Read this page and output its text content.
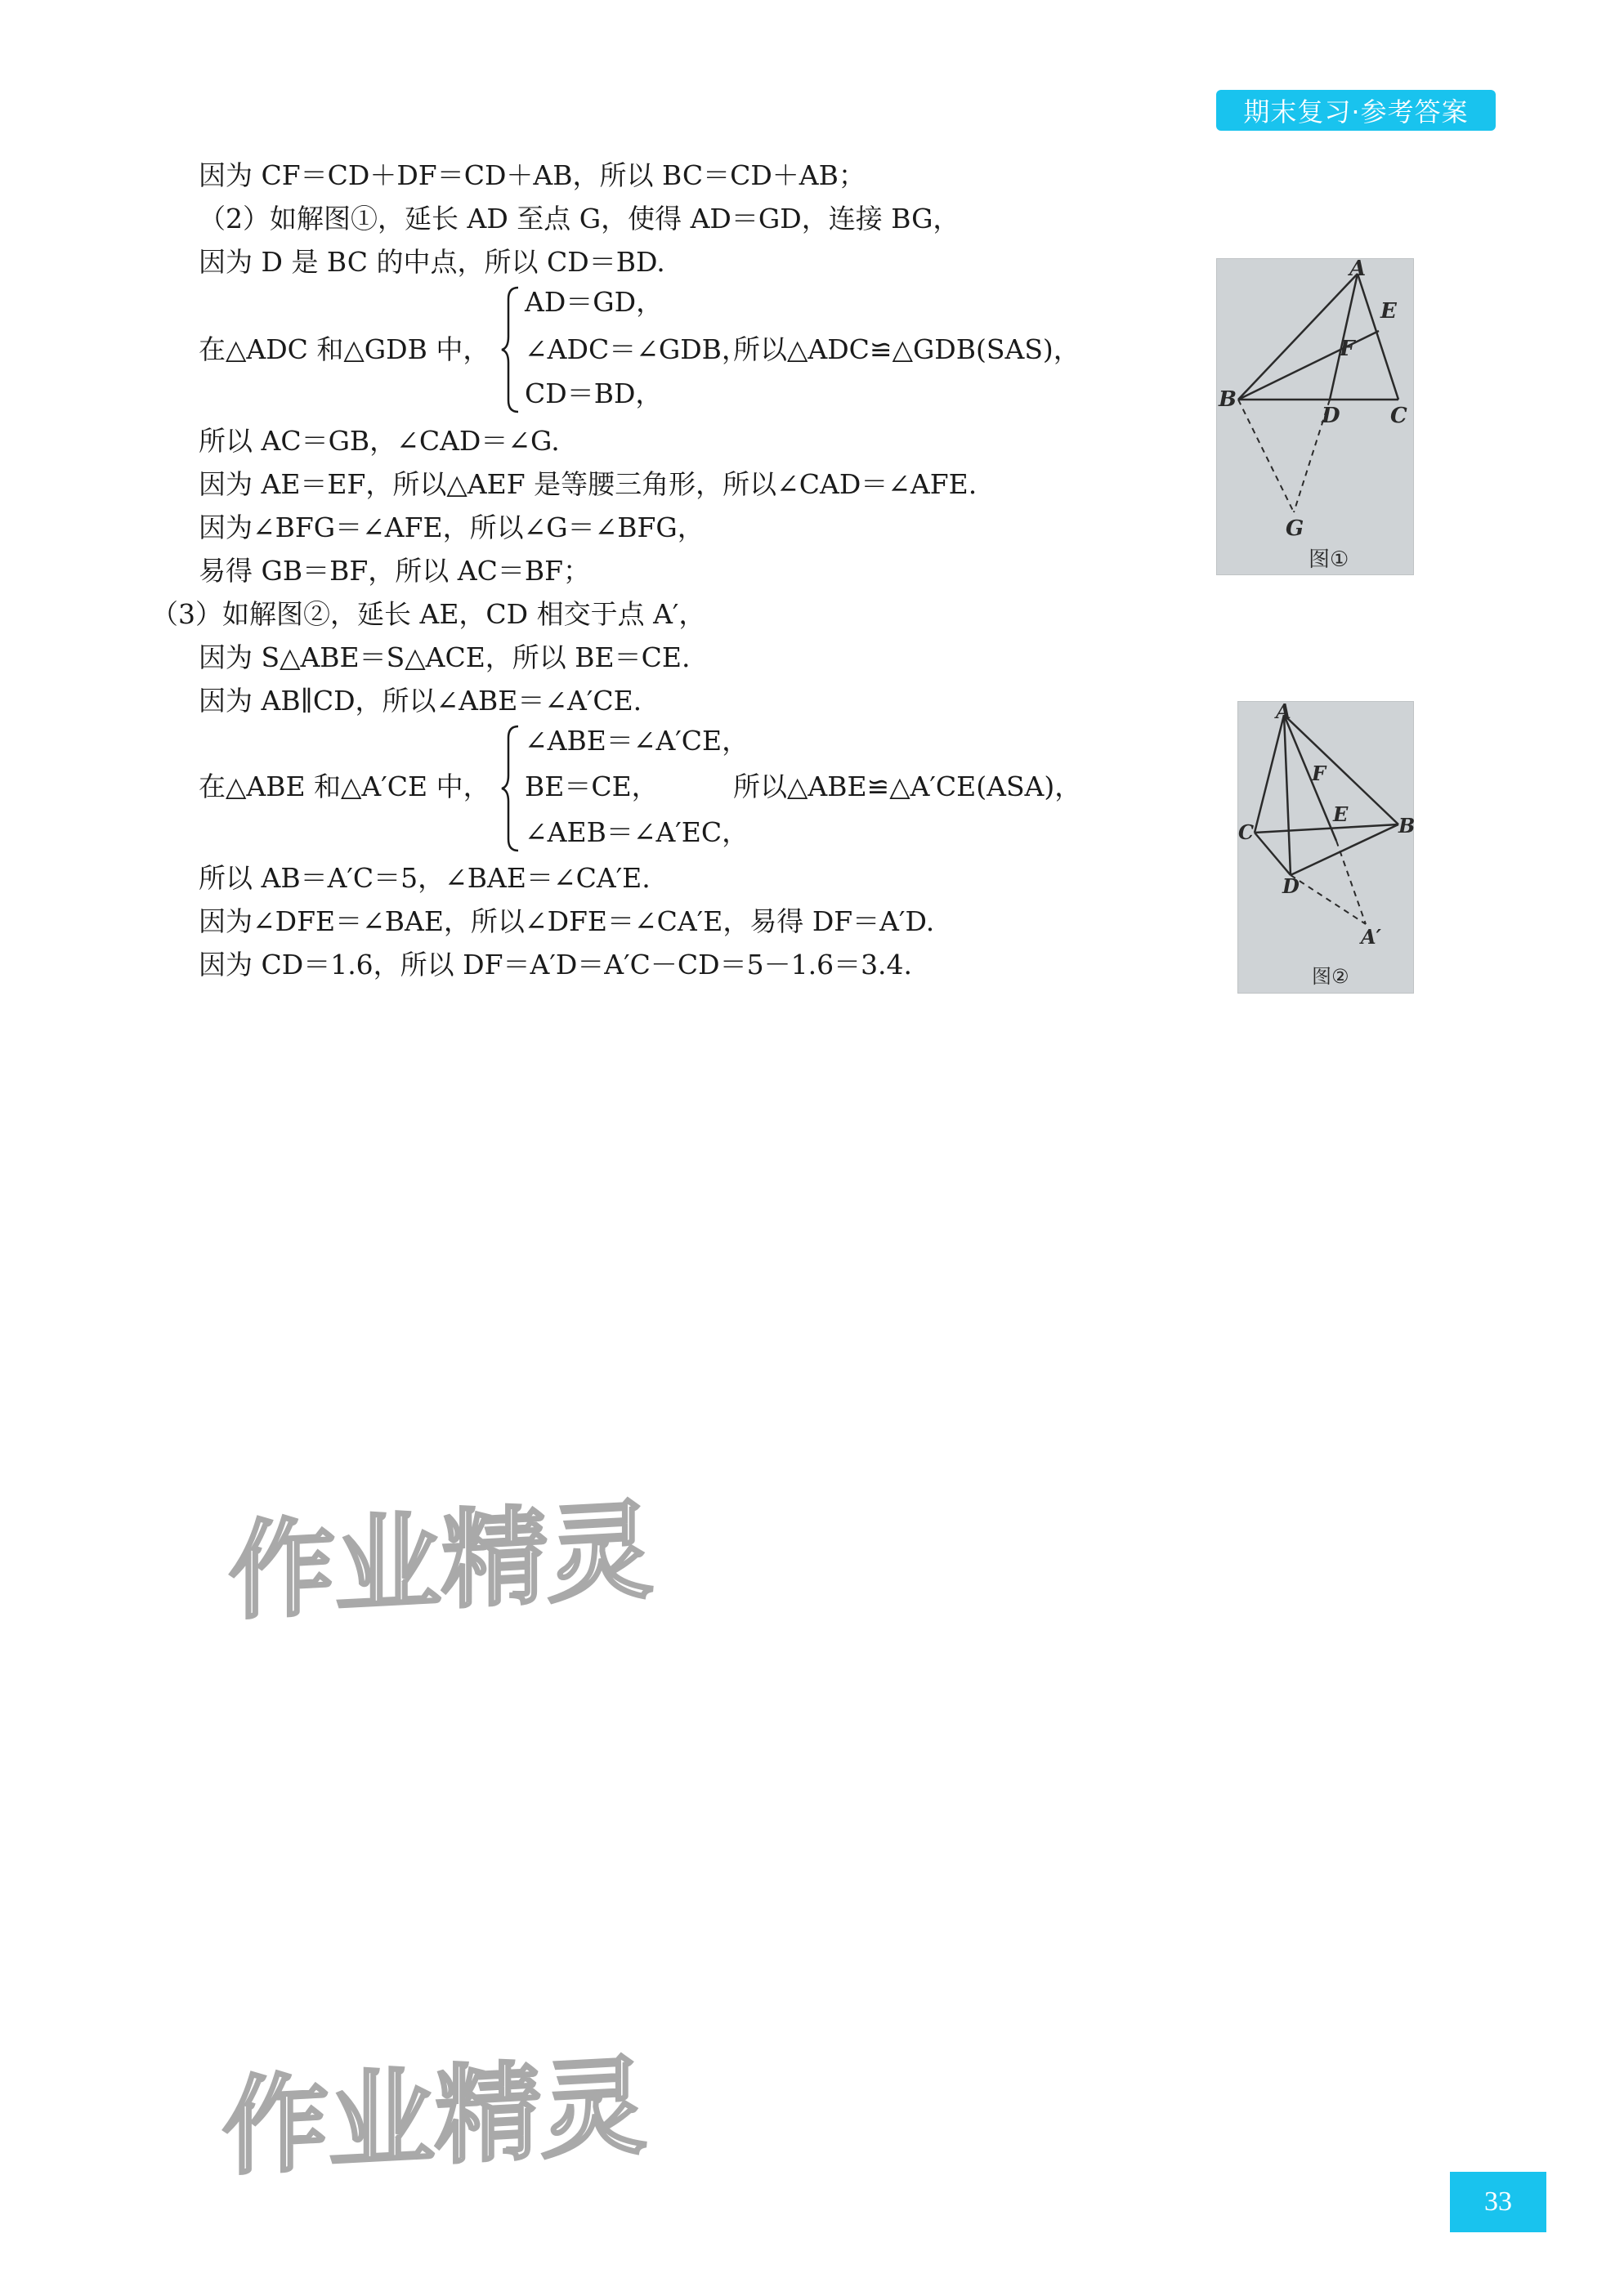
期末复习·参考答案
因为 CF＝CD＋DF＝CD＋AB，所以 BC＝CD＋AB；
（2）如解图①，延长 AD 至点 G，使得 AD＝GD，连接 BG，
因为 D 是 BC 的中点，所以 CD＝BD.
在△ADC 和△GDB 中，
AD＝GD，
∠ADC＝∠GDB，
CD＝BD，
所以△ADC≌△GDB(SAS)，
所以 AC＝GB，∠CAD＝∠G.
因为 AE＝EF，所以△AEF 是等腰三角形，所以∠CAD＝∠AFE.
因为∠BFG＝∠AFE，所以∠G＝∠BFG，
易得 GB＝BF，所以 AC＝BF；
（3）如解图②，延长 AE，CD 相交于点 A′，
因为 S△ABE＝S△ACE，所以 BE＝CE.
因为 AB∥CD，所以∠ABE＝∠A′CE.
在△ABE 和△A′CE 中，
∠ABE＝∠A′CE，
BE＝CE，
∠AEB＝∠A′EC，
所以△ABE≌△A′CE(ASA)，
所以 AB＝A′C＝5，∠BAE＝∠CA′E.
因为∠DFE＝∠BAE，所以∠DFE＝∠CA′E，易得 DF＝A′D.
因为 CD＝1.6，所以 DF＝A′D＝A′C－CD＝5－1.6＝3.4.
A
E
F
B
D C
G
图①
A
F
E
C	B
D
A′
图②
作业精灵
作业精灵
33
